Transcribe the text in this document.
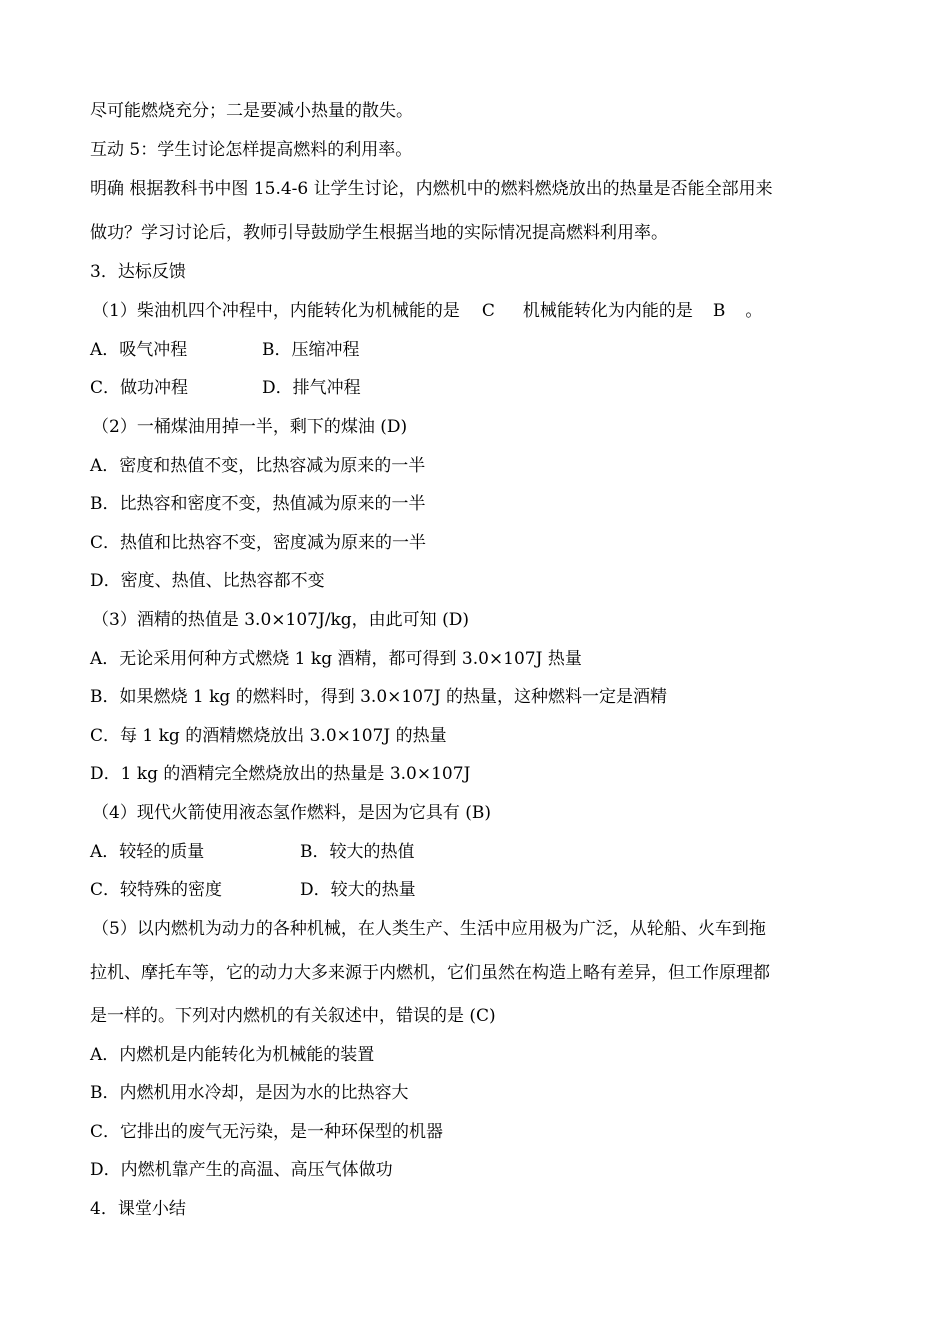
尽可能燃烧充分；二是要减小热量的散失。
互动 5：学生讨论怎样提高燃料的利用率。
明确 根据教科书中图 15.4-6 让学生讨论，内燃机中的燃料燃烧放出的热量是否能全部用来
做功？学习讨论后，教师引导鼓励学生根据当地的实际情况提高燃料利用率。
3．达标反馈
（1）柴油机四个冲程中，内能转化为机械能的是 C 机械能转化为内能的是 B 。
A．吸气冲程	B．压缩冲程
C．做功冲程	D．排气冲程
（2）一桶煤油用掉一半，剩下的煤油 (D)
A．密度和热值不变，比热容减为原来的一半
B．比热容和密度不变，热值减为原来的一半
C．热值和比热容不变，密度减为原来的一半
D．密度、热值、比热容都不变
（3）酒精的热值是 3.0×107J/kg，由此可知 (D)
A．无论采用何种方式燃烧 1 kg 酒精，都可得到 3.0×107J 热量
B．如果燃烧 1 kg 的燃料时，得到 3.0×107J 的热量，这种燃料一定是酒精
C．每 1 kg 的酒精燃烧放出 3.0×107J 的热量
D．1 kg 的酒精完全燃烧放出的热量是 3.0×107J
（4）现代火箭使用液态氢作燃料，是因为它具有 (B)
A．较轻的质量	B．较大的热值
C．较特殊的密度	D．较大的热量
（5）以内燃机为动力的各种机械，在人类生产、生活中应用极为广泛，从轮船、火车到拖
拉机、摩托车等，它的动力大多来源于内燃机，它们虽然在构造上略有差异，但工作原理都
是一样的。下列对内燃机的有关叙述中，错误的是 (C)
A．内燃机是内能转化为机械能的装置
B．内燃机用水冷却，是因为水的比热容大
C．它排出的废气无污染，是一种环保型的机器
D．内燃机靠产生的高温、高压气体做功
4．课堂小结
